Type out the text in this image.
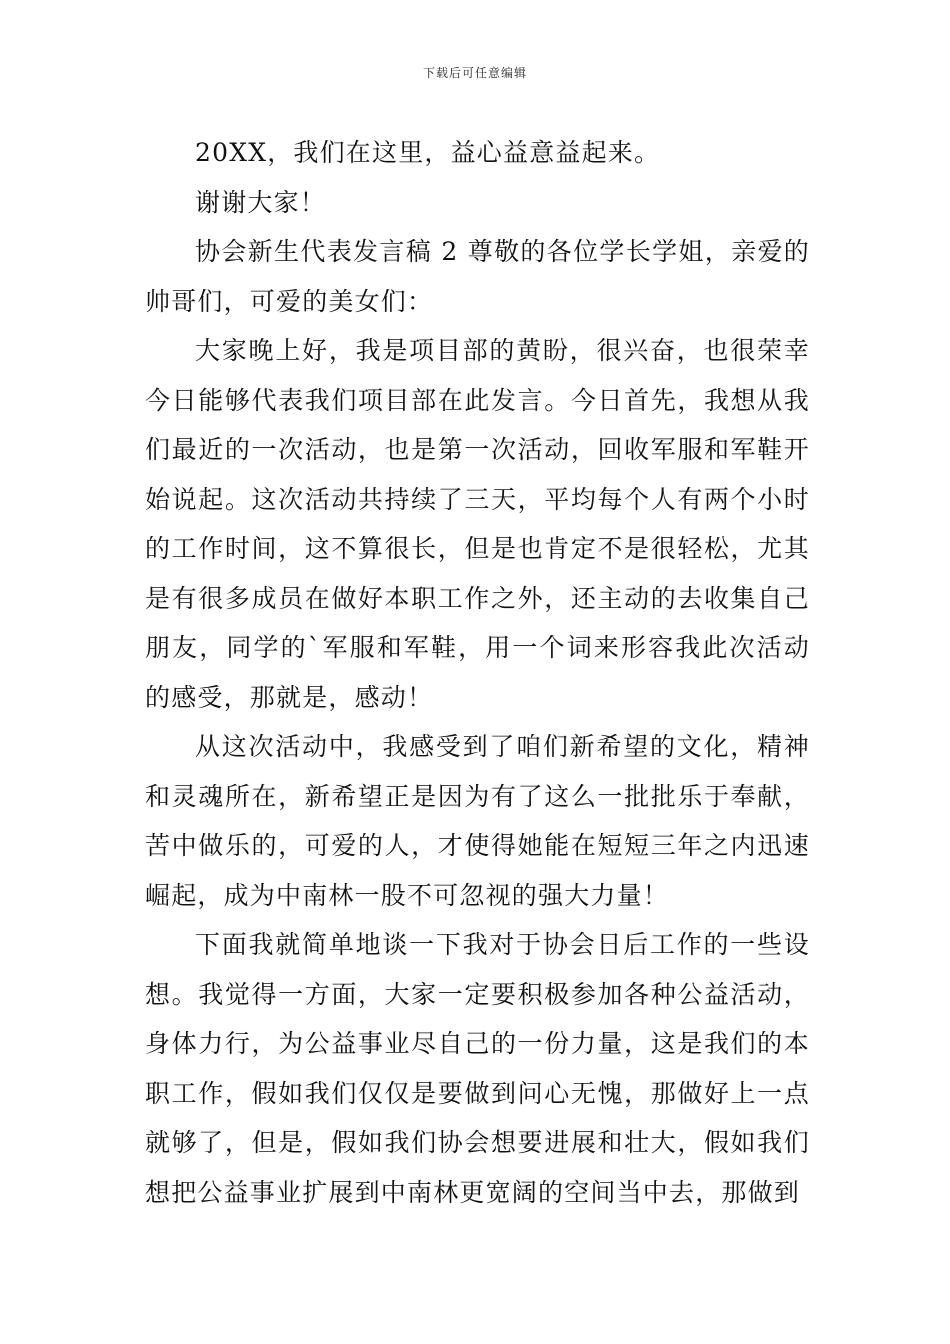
下载后可任意编辑

20XX，我们在这里，益心益意益起来。

谢谢大家！

协会新生代表发言稿 2 尊敬的各位学长学姐，亲爱的帅哥们，可爱的美女们：

大家晚上好，我是项目部的黄盼，很兴奋，也很荣幸今日能够代表我们项目部在此发言。今日首先，我想从我们最近的一次活动，也是第一次活动，回收军服和军鞋开始说起。这次活动共持续了三天，平均每个人有两个小时的工作时间，这不算很长，但是也肯定不是很轻松，尤其是有很多成员在做好本职工作之外，还主动的去收集自己朋友，同学的`军服和军鞋，用一个词来形容我此次活动的感受，那就是，感动！

从这次活动中，我感受到了咱们新希望的文化，精神和灵魂所在，新希望正是因为有了这么一批批乐于奉献，苦中做乐的，可爱的人，才使得她能在短短三年之内迅速崛起，成为中南林一股不可忽视的强大力量！

下面我就简单地谈一下我对于协会日后工作的一些设想。我觉得一方面，大家一定要积极参加各种公益活动，身体力行，为公益事业尽自己的一份力量，这是我们的本职工作，假如我们仅仅是要做到问心无愧，那做好上一点就够了，但是，假如我们协会想要进展和壮大，假如我们想把公益事业扩展到中南林更宽阔的空间当中去，那做到
